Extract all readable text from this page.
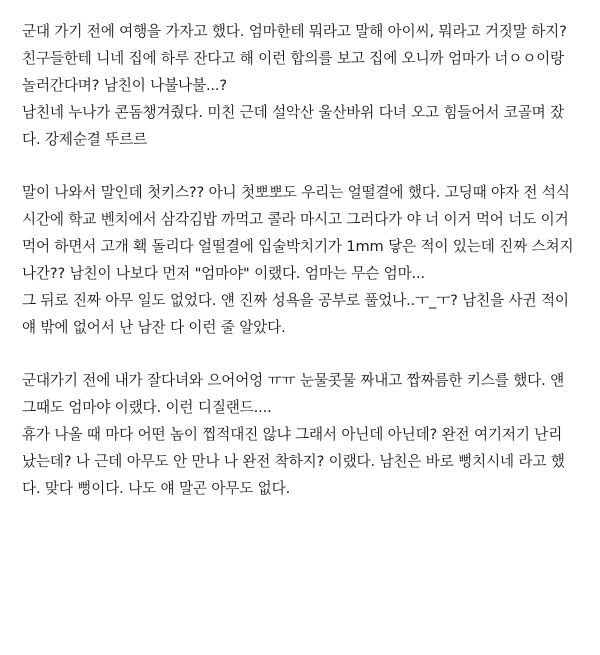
군대 가기 전에 여행을 가자고 했다. 엄마한테 뭐라고 말해 아이씨, 뭐라고 거짓말 하지? 친구들한테 니네 집에 하루 잔다고 해 이런 합의를 보고 집에 오니까 엄마가 너ㅇㅇ이랑 놀러간다며? 남친이 나불나불...?

남친네 누나가 콘돔챙겨줬다. 미친 근데 설악산 울산바위 다녀 오고 힘들어서 코골며 잤다. 강제순결 뚜르르

말이 나와서 말인데 첫키스?? 아니 첫뽀뽀도 우리는 얼떨결에 했다. 고딩때 야자 전 석식시간에 학교 벤치에서 삼각김밥 까먹고 콜라 마시고 그러다가 야 너 이거 먹어 너도 이거 먹어 하면서 고개 홱 돌리다 얼떨결에 입술박치기가 1mm 닿은 적이 있는데 진짜 스쳐지나간?? 남친이 나보다 먼저 "엄마야" 이랬다. 엄마는 무슨 엄마...

그 뒤로 진짜 아무 일도 없었다. 얜 진짜 성욕을 공부로 풀었나..ㅜ_ㅜ? 남친을 사귄 적이 얘 밖에 없어서 난 남잔 다 이런 줄 알았다.

군대가기 전에 내가 잘다녀와 으어어엉 ㅠㅠ 눈물콧물 짜내고 짭짜름한 키스를 했다. 얜 그때도 엄마야 이랬다. 이런 디질랜드....

휴가 나올 때 마다 어떤 놈이 찝적대진 않냐 그래서 아닌데 아닌데? 완전 여기저기 난리 났는데? 나 근데 아무도 안 만나 나 완전 착하지? 이랬다. 남친은 바로 뻥치시네 라고 했다. 맞다 뻥이다. 나도 얘 말곤 아무도 없다.
